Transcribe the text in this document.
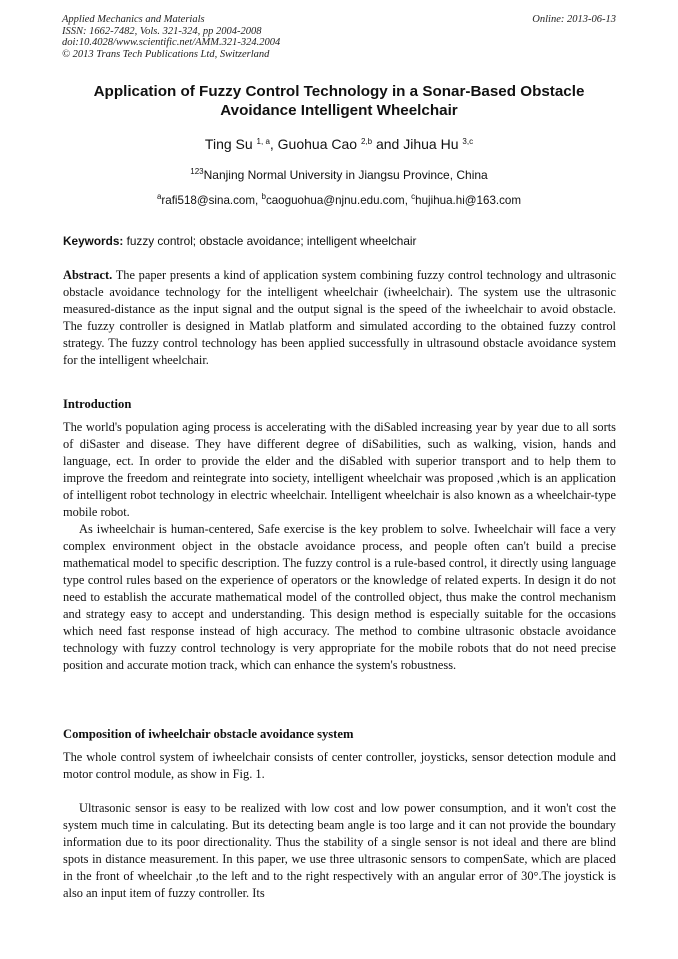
Applied Mechanics and Materials
ISSN: 1662-7482, Vols. 321-324, pp 2004-2008
doi:10.4028/www.scientific.net/AMM.321-324.2004
© 2013 Trans Tech Publications Ltd, Switzerland
Online: 2013-06-13
Application of Fuzzy Control Technology in a Sonar-Based Obstacle
Avoidance Intelligent Wheelchair
Ting Su $^{1, a}$, Guohua Cao $^{2,b}$ and Jihua Hu $^{3,c}$
$^{123}$Nanjing Normal University in Jiangsu Province, China
$^a$rafi518@sina.com, $^b$caoguohua@njnu.edu.com, $^c$hujihua.hi@163.com
Keywords: fuzzy control; obstacle avoidance; intelligent wheelchair

Abstract. The paper presents a kind of application system combining fuzzy control technology and ultrasonic obstacle avoidance technology for the intelligent wheelchair (iwheelchair). The system use the ultrasonic measured-distance as the input signal and the output signal is the speed of the iwheelchair to avoid obstacle. The fuzzy controller is designed in Matlab platform and simulated according to the obtained fuzzy control strategy. The fuzzy control technology has been applied successfully in ultrasound obstacle avoidance system for the intelligent wheelchair.

Introduction

The world's population aging process is accelerating with the diSabled increasing year by year due to all sorts of diSaster and disease. They have different degree of diSabilities, such as walking, vision, hands and language, ect. In order to provide the elder and the diSabled with superior transport and to help them to improve the freedom and reintegrate into society, intelligent wheelchair was proposed ,which is an application of intelligent robot technology in electric wheelchair. Intelligent wheelchair is also known as a wheelchair-type mobile robot.

As iwheelchair is human-centered, Safe exercise is the key problem to solve. Iwheelchair will face a very complex environment object in the obstacle avoidance process, and people often can't build a precise mathematical model to specific description. The fuzzy control is a rule-based control, it directly using language type control rules based on the experience of operators or the knowledge of related experts. In design it do not need to establish the accurate mathematical model of the controlled object, thus make the control mechanism and strategy easy to accept and understanding. This design method is especially suitable for the occasions which need fast response instead of high accuracy. The method to combine ultrasonic obstacle avoidance technology with fuzzy control technology is very appropriate for the mobile robots that do not need precise position and accurate motion track, which can enhance the system's robustness.

Composition of iwheelchair obstacle avoidance system

The whole control system of iwheelchair consists of center controller, joysticks, sensor detection module and motor control module, as show in Fig. 1.

Ultrasonic sensor is easy to be realized with low cost and low power consumption, and it won't cost the system much time in calculating. But its detecting beam angle is too large and it can not provide the boundary information due to its poor directionality. Thus the stability of a single sensor is not ideal and there are blind spots in distance measurement. In this paper, we use three ultrasonic sensors to compenSate, which are placed in the front of wheelchair ,to the left and to the right respectively with an angular error of 30°.The joystick is also an input item of fuzzy controller. Its
